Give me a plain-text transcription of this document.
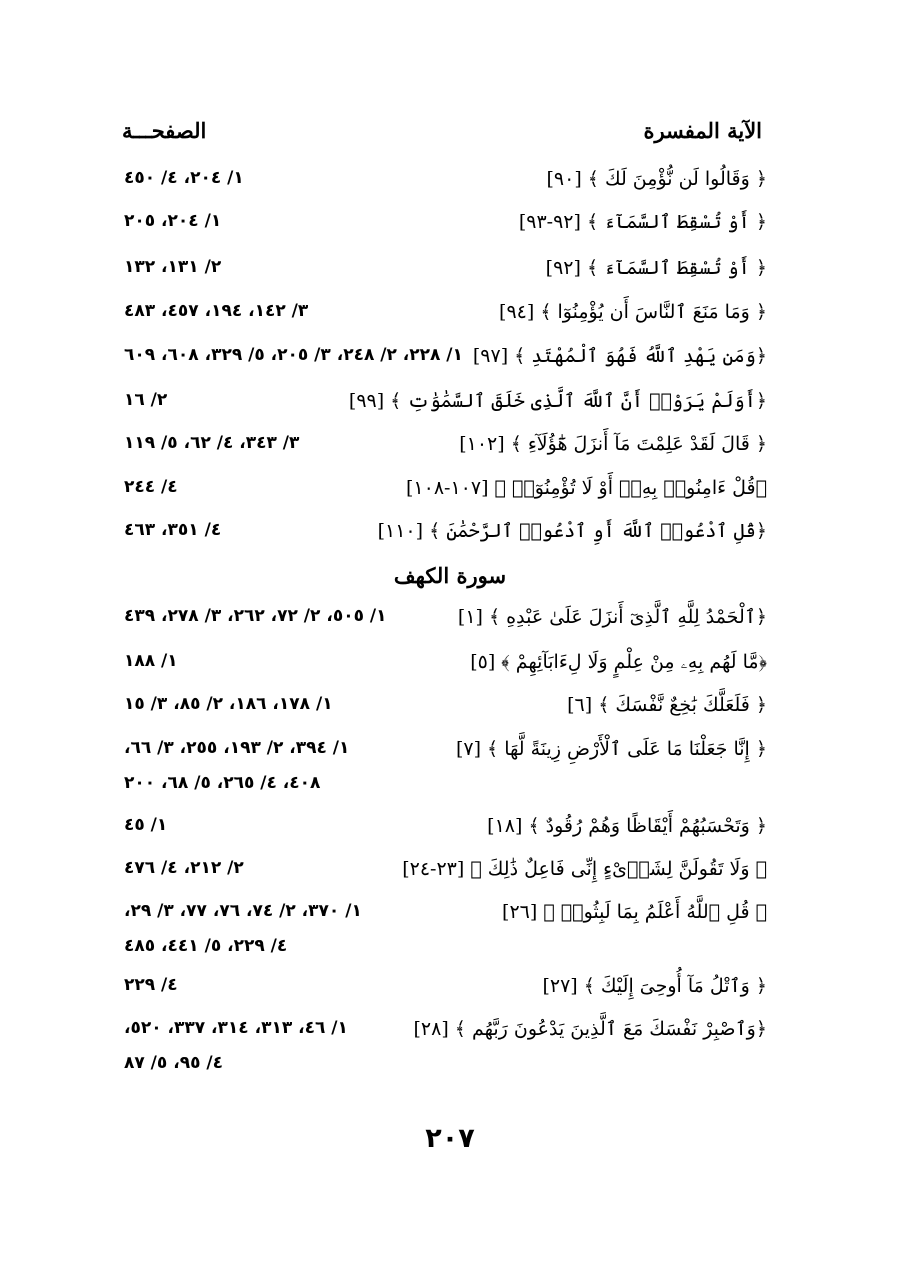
الآية المفسرة
الصفحـــة
سورة الكهف
﴿ وَقَالُوا لَن نُّؤْمِنَ لَكَ ﴾ [٩٠]
١/ ٢٠٤، ٤/ ٤٥٠
﴿ أَوْ تُسْقِطَ ٱلسَّمَآءَ ﴾ [٩٢-٩٣]
١/ ٢٠٤، ٢٠٥
﴿ أَوْ تُسْقِطَ ٱلسَّمَآءَ ﴾ [٩٢]
٢/ ١٣١، ١٣٢
﴿ وَمَا مَنَعَ ٱلنَّاسَ أَن يُؤْمِنُوٓا ﴾ [٩٤]
٣/ ١٤٢، ١٩٤، ٤٥٧، ٤٨٣
﴿وَمَن يَهْدِ ٱللَّهُ فَهُوَ ٱلْمُهْتَدِ ﴾ [٩٧]
١/ ٢٢٨، ٢/ ٢٤٨، ٣/ ٢٠٥، ٥/ ٣٢٩، ٦٠٨، ٦٠٩
﴿أَوَلَمْ يَرَوْا۟ أَنَّ ٱللَّهَ ٱلَّذِى خَلَقَ ٱلسَّمَٰوَٰتِ ﴾ [٩٩]
٢/ ١٦
﴿ قَالَ لَقَدْ عَلِمْتَ مَآ أَنزَلَ هَٰٓؤُلَآءِ ﴾ [١٠٢]
٣/ ٣٤٣، ٤/ ٦٢، ٥/ ١١٩
﴿قُلْ ءَامِنُوا۟ بِهِۦٓ أَوْ لَا تُؤْمِنُوٓا۟ ﴾ [١٠٧-١٠٨]
٤/ ٢٤٤
﴿قُلِ ٱدْعُوا۟ ٱللَّهَ أَوِ ٱدْعُوا۟ ٱلرَّحْمَٰنَ ﴾ [١١٠]
٤/ ٣٥١، ٤٦٣
﴿ٱلْحَمْدُ لِلَّهِ ٱلَّذِىٓ أَنزَلَ عَلَىٰ عَبْدِهِ ﴾ [١]
١/ ٥٠٥، ٢/ ٧٢، ٢٦٢، ٣/ ٢٧٨، ٤٣٩
﴿مَّا لَهُم بِهِۦ مِنْ عِلْمٍ وَلَا لِءَابَآئِهِمْ ﴾ [٥]
١/ ١٨٨
﴿ فَلَعَلَّكَ بَٰخِعٌ نَّفْسَكَ ﴾ [٦]
١/ ١٧٨، ١٨٦، ٢/ ٨٥، ٣/ ١٥
﴿ إِنَّا جَعَلْنَا مَا عَلَى ٱلْأَرْضِ زِينَةً لَّهَا ﴾ [٧]
١/ ٣٩٤، ٢/ ١٩٣، ٢٥٥، ٣/ ٦٦،
٤٠٨، ٤/ ٢٦٥، ٥/ ٦٨، ٢٠٠
﴿ وَتَحْسَبُهُمْ أَيْقَاظًا وَهُمْ رُقُودٌ ﴾ [١٨]
١/ ٤٥
﴿ وَلَا تَقُولَنَّ لِشَا۟ىْءٍ إِنِّى فَاعِلٌ ذَٰلِكَ ﴾ [٢٣-٢٤]
٢/ ٢١٢، ٤/ ٤٧٦
﴿ قُلِ ٱللَّهُ أَعْلَمُ بِمَا لَبِثُوا۟ ﴾ [٢٦]
١/ ٣٧٠، ٢/ ٧٤، ٧٦، ٧٧، ٣/ ٢٩،
٤/ ٢٢٩، ٥/ ٤٤١، ٤٨٥
﴿ وَٱتْلُ مَآ أُوحِىَ إِلَيْكَ ﴾ [٢٧]
٤/ ٢٢٩
﴿وَٱصْبِرْ نَفْسَكَ مَعَ ٱلَّذِينَ يَدْعُونَ رَبَّهُم ﴾ [٢٨]
١/ ٤٦، ٣١٣، ٣١٤، ٣٣٧، ٥٢٠،
٤/ ٩٥، ٥/ ٨٧
٢٠٧
